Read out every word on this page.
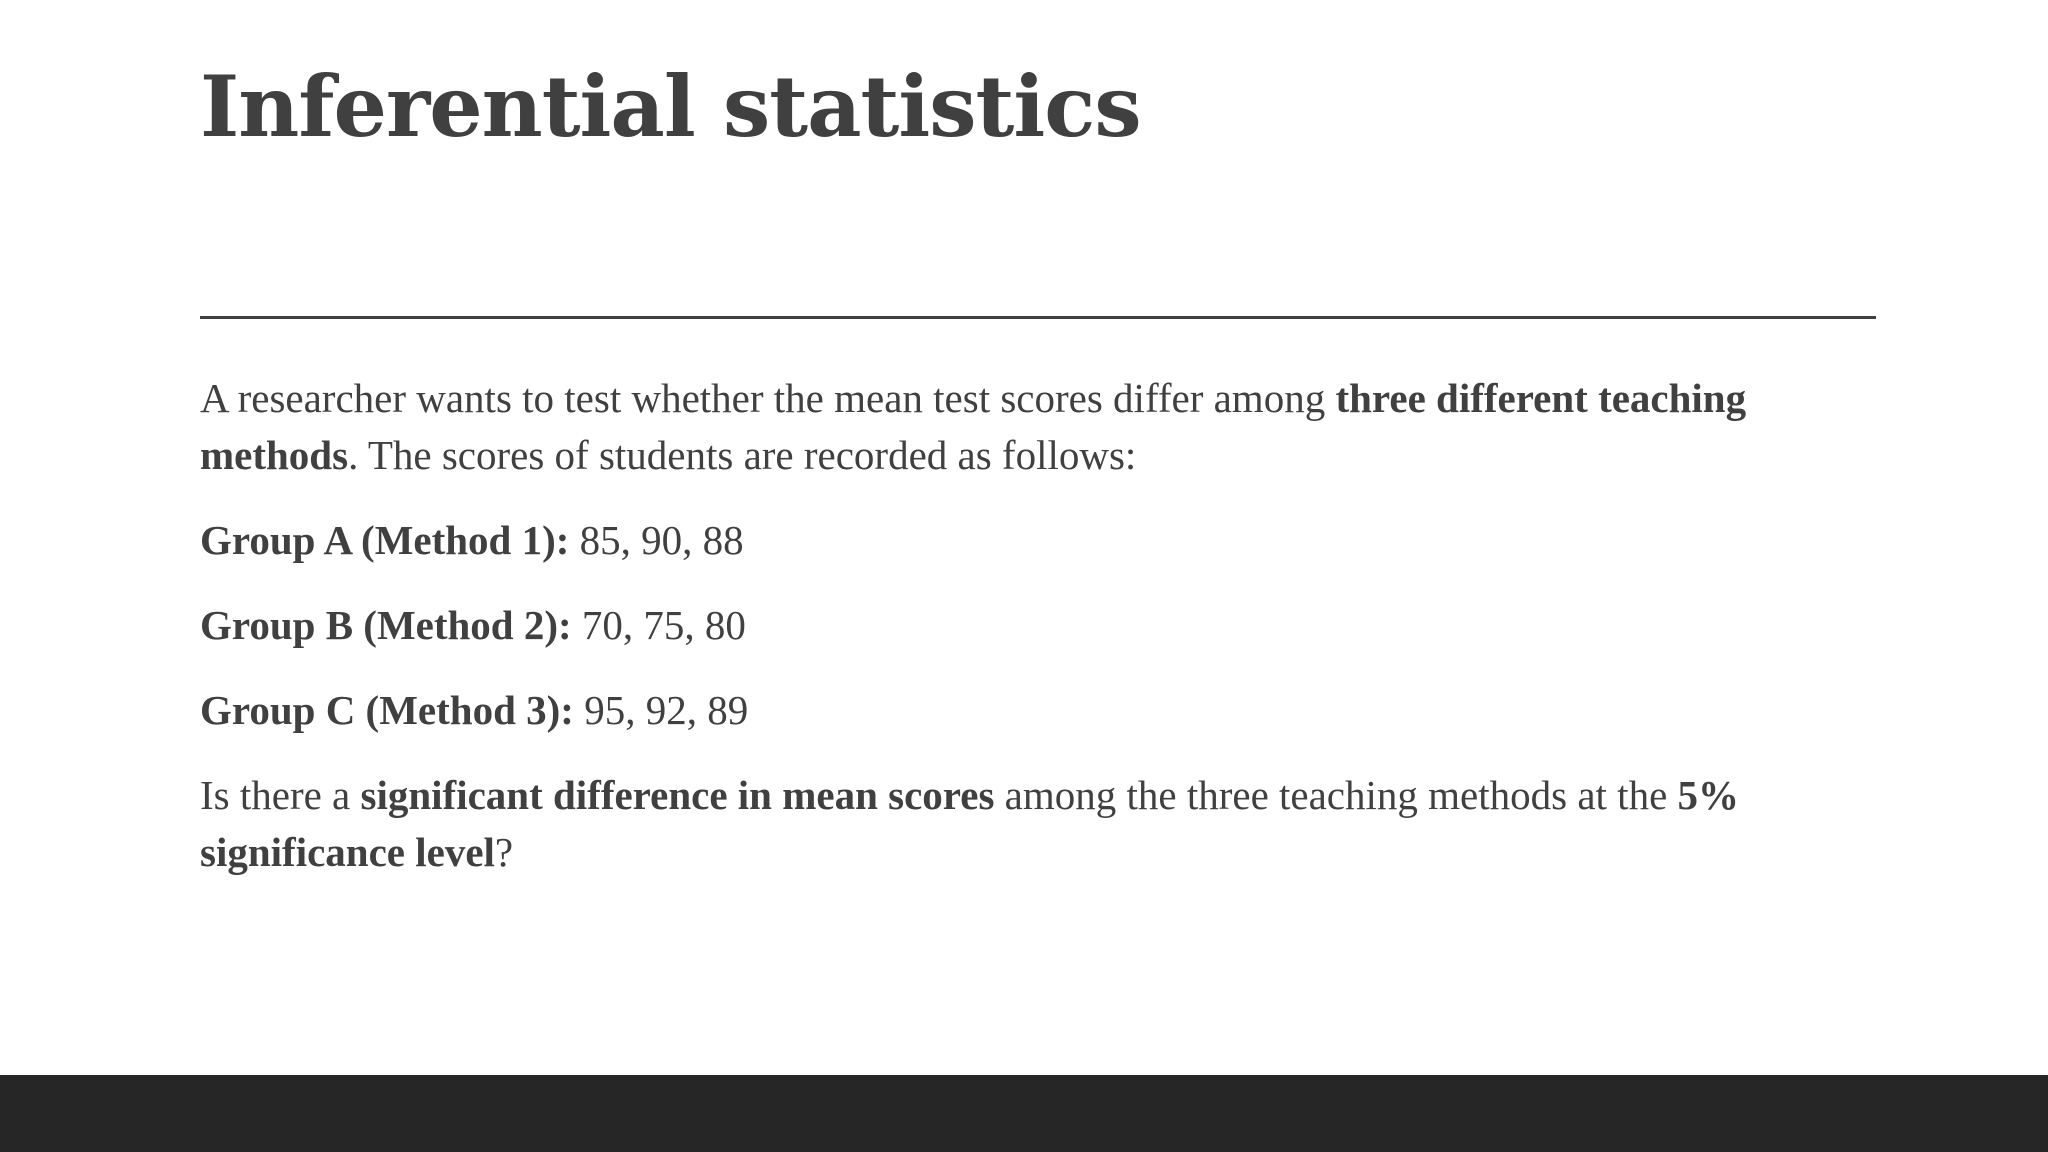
Inferential statistics

A researcher wants to test whether the mean test scores differ among three different teaching methods. The scores of students are recorded as follows:

Group A (Method 1): 85, 90, 88

Group B (Method 2): 70, 75, 80

Group C (Method 3): 95, 92, 89

Is there a significant difference in mean scores among the three teaching methods at the 5% significance level?
